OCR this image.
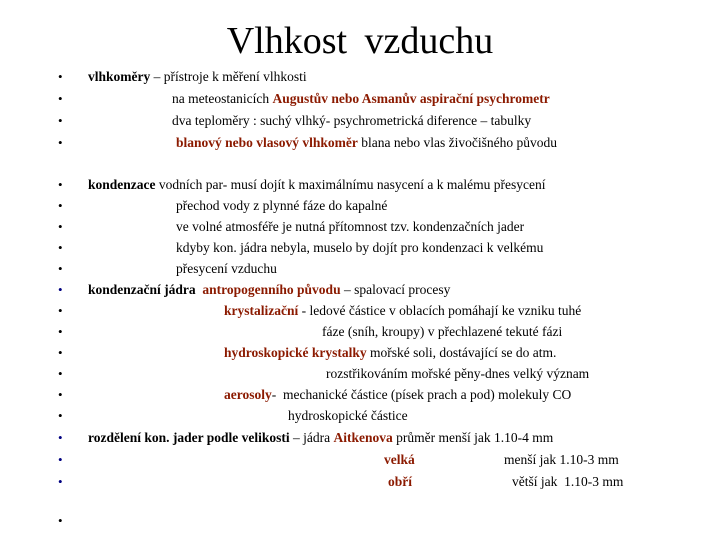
Vlhkost vzduchu
• vlhkoměry – přístroje k měření vlhkosti
•	na meteostanicích Augustův nebo Asmanův aspirační psychrometr
•	dva teploměry : suchý vlhký- psychrometrická diference – tabulky
•	blanový nebo vlasový vlhkoměr blana nebo vlas živočišného původu
• kondenzace vodních par- musí dojít k maximálnímu nasycení a k malému přesycení
•	přechod vody z plynné fáze do kapalné
•	ve volné atmosféře je nutná přítomnost tzv. kondenzačních jader
•	kdyby kon. jádra nebyla, muselo by dojít pro kondenzaci k velkému
•	přesycení vzduchu
• kondenzační jádra antropogenního původu – spalovací procesy
•	krystalizační - ledové částice v oblacích pomáhají ke vzniku tuhé
•	fáze (sníh, kroupy) v přechlazené tekuté fázi
•	hydroskopické krystalky mořské soli, dostávající se do atm.
•	rozstřikováním mořské pěny-dnes velký význam
•	aerosoly-  mechanické částice (písek prach a pod) molekuly CO
•	hydroskopické částice
• rozdělení kon. jader podle velikosti – jádra Aitkenova průměr menší jak 1.10-4 mm
•	velká	menší jak 1.10-3 mm
•	obří	větší jak  1.10-3 mm
•
